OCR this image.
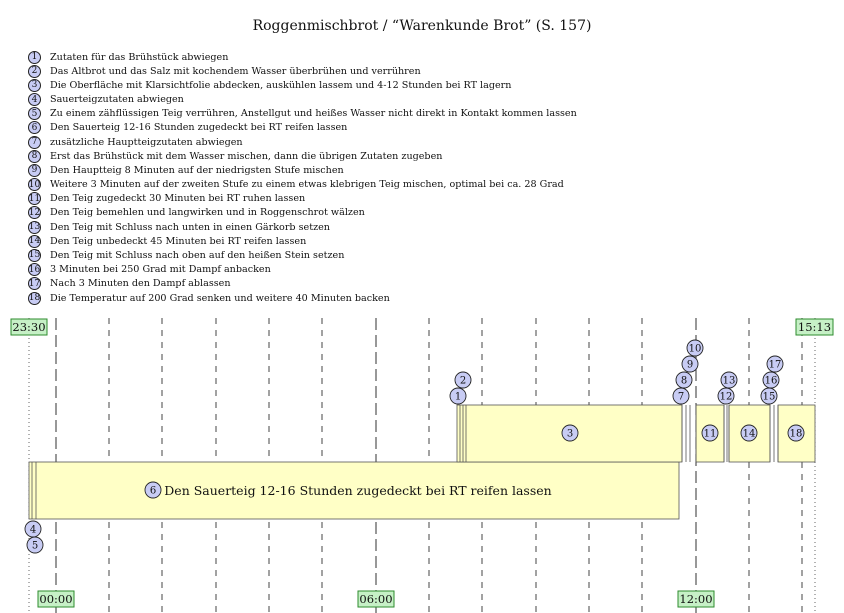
Roggenmischbrot / “Warenkunde Brot” (S. 157)
1	Zutaten für das Brühstück abwiegen
2	Das Altbrot und das Salz mit kochendem Wasser überbrühen und verrühren
3	Die Oberfläche mit Klarsichtfolie abdecken, auskühlen lassem und 4-12 Stunden bei RT lagern
4	Sauerteigzutaten abwiegen
5	Zu einem zähflüssigen Teig verrühren, Anstellgut und heißes Wasser nicht direkt in Kontakt kommen lassen
6	Den Sauerteig 12-16 Stunden zugedeckt bei RT reifen lassen
7	zusätzliche Hauptteigzutaten abwiegen
8	Erst das Brühstück mit dem Wasser mischen, dann die übrigen Zutaten zugeben
9	Den Hauptteig 8 Minuten auf der niedrigsten Stufe mischen
10 Weitere 3 Minuten auf der zweiten Stufe zu einem etwas klebrigen Teig mischen, optimal bei ca. 28 Grad
11 Den Teig zugedeckt 30 Minuten bei RT ruhen lassen
12 Den Teig bemehlen und langwirken und in Roggenschrot wälzen
13 Den Teig mit Schluss nach unten in einen Gärkorb setzen
14 Den Teig unbedeckt 45 Minuten bei RT reifen lassen
15 Den Teig mit Schluss nach oben auf den heißen Stein setzen
16 3 Minuten bei 250 Grad mit Dampf anbacken
17 Nach 3 Minuten den Dampf ablassen
18 Die Temperatur auf 200 Grad senken und weitere 40 Minuten backen
Den Sauerteig 12-16 Stunden zugedeckt bei RT reifen lassen
1
2
3
4
5
6
7
8
9
10
11
12
13
14
15
16
17
18
23:30	15:13
00:00	06:00	12:00
